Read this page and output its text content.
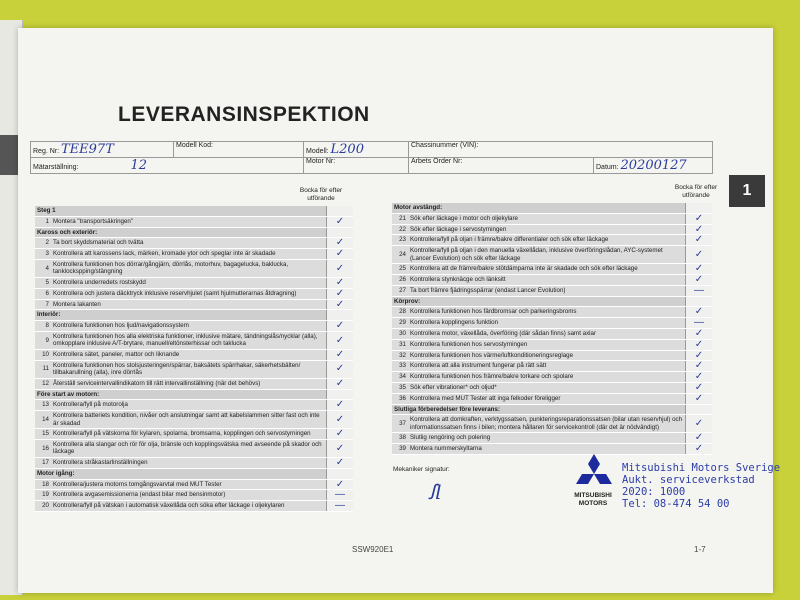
LEVERANSINSPEKTION
Reg. Nr: TEE97T	Modell Kod:	Modell: L200	Chassinummer (VIN):	
Mätarställning: 12		Motor Nr:	Arbets Order Nr:	Datum: 20200127
1
Bocka för efter utförande
Bocka för efter utförande
Steg 1		
1	Montera "transportsäkringen"	✓
Kaross och exteriör:		
2	Ta bort skyddsmaterial och tvätta	✓
3	Kontrollera att karossens lack, märken, kromade ytor och speglar inte är skadade	✓
4	Kontrollera funktionen hos dörrar/gångjärn, dörrlås, motorhuv, bagagelucka, baklucka, tanklockspping/stängning	✓
5	Kontrollera underredets rostskydd	✓
6	Kontrollera och justera däcktryck inklusive reservhjulet (samt hjulmutterarnas åtdragning)	✓
7	Montera lakanten	✓
Interiör:		
8	Kontrollera funktionen hos ljud/navigationssystem	✓
9	Kontrollera funktionen hos alla elektriska funktioner, inklusive mätare, tändningslås/nycklar (alla), omkopplare inklusive A/T-brytare, manuell/eltönsterhissar och taklucka	✓
10	Kontrollera sätet, paneler, mattor och liknande	✓
11	Kontrollera funktionen hos stolsjusteringen/spärrar, baksätets spärrhakar, säkerhetsbälten/ tillbakarullning (alla), inre dörrlås	✓
12	Återställ serviceintervallindikatorn till rätt intervallinställning (när det behövs)	✓
Före start av motorn:		
13	Kontrollera/fyll på motorolja	✓
14	Kontrollera batteriets kondition, nivåer och anslutningar samt att kabelslammen sitter fast och inte är skadad	✓
15	Kontrollera/fyll på vätskorna för kylaren, spolarna, bromsarna, kopplingen och servostyrningen	✓
16	Kontrollera alla slangar och rör för olja, bränsle och kopplingsvätska med avseende på skador och läckage	✓
17	Kontrollera stråkastarlinställningen	✓
Motor igång:		
18	Kontrollera/justera motorns tomgångsvarvtal med MUT Tester	✓
19	Kontrollera avgasemissionerna (endast bilar med bensinmotor)	—
20	Kontrollera/fyll på vätskan i automatisk växellåda och söka efter läckage i oljekylaren	—
Motor avstängd:		
21	Sök efter läckage i motor och oljekylare	✓
22	Sök efter läckage i servostyrningen	✓
23	Kontrollera/fyll på oljan i främre/bakre differentialer och sök efter läckage	✓
24	Kontrollera/fyll på oljan i den manuella växellådan, inklusive överföringslådan, AYC-systemet (Lancer Evolution) och sök efter läckage	✓
25	Kontrollera att de främre/bakre stötdämparna inte är skadade och sök efter läckage	✓
26	Kontrollera stynknäcge och länksitt	✓
27	Ta bort främre fjädringsspärrar (endast Lancer Evolution)	—
Körprov:		
28	Kontrollera funktionen hos färdbromsar och parkeringsbroms	✓
29	Kontrollera kopplingens funktion	—
30	Kontrollera motor, växellåda, överföring (där sådan finns) samt axlar	✓
31	Kontrollera funktionen hos servostyrningen	✓
32	Kontrollera funktionen hos värme/luftkonditioneringsreglage	✓
33	Kontrollera att alla instrument fungerar på rätt sätt	✓
34	Kontrollera funktionen hos främre/bakre torkare och spolare	✓
35	Sök efter vibrationer* och oljud*	✓
36	Kontrollera med MUT Tester att inga felkoder föreligger	✓
Slutliga förberedelser före leverans:		
37	Kontrollera att domkraften, verktygssatsen, punkteringsreparationssatsen (bilar utan reservhjul) och informationssatsen finns i bilen; montera hållaren för servicekontroll (där det är nödvändigt)	✓
38	Slutlig rengöring och polering	✓
39	Montera nummerskyltarna	✓
Mekaniker signatur:
ꭍl	MITSUBISHI MOTORS
Mitsubishi Motors Sverige
Aukt. serviceverkstad
2020: 1000
Tel: 08-474 54 00
SSW920E1	1-7
